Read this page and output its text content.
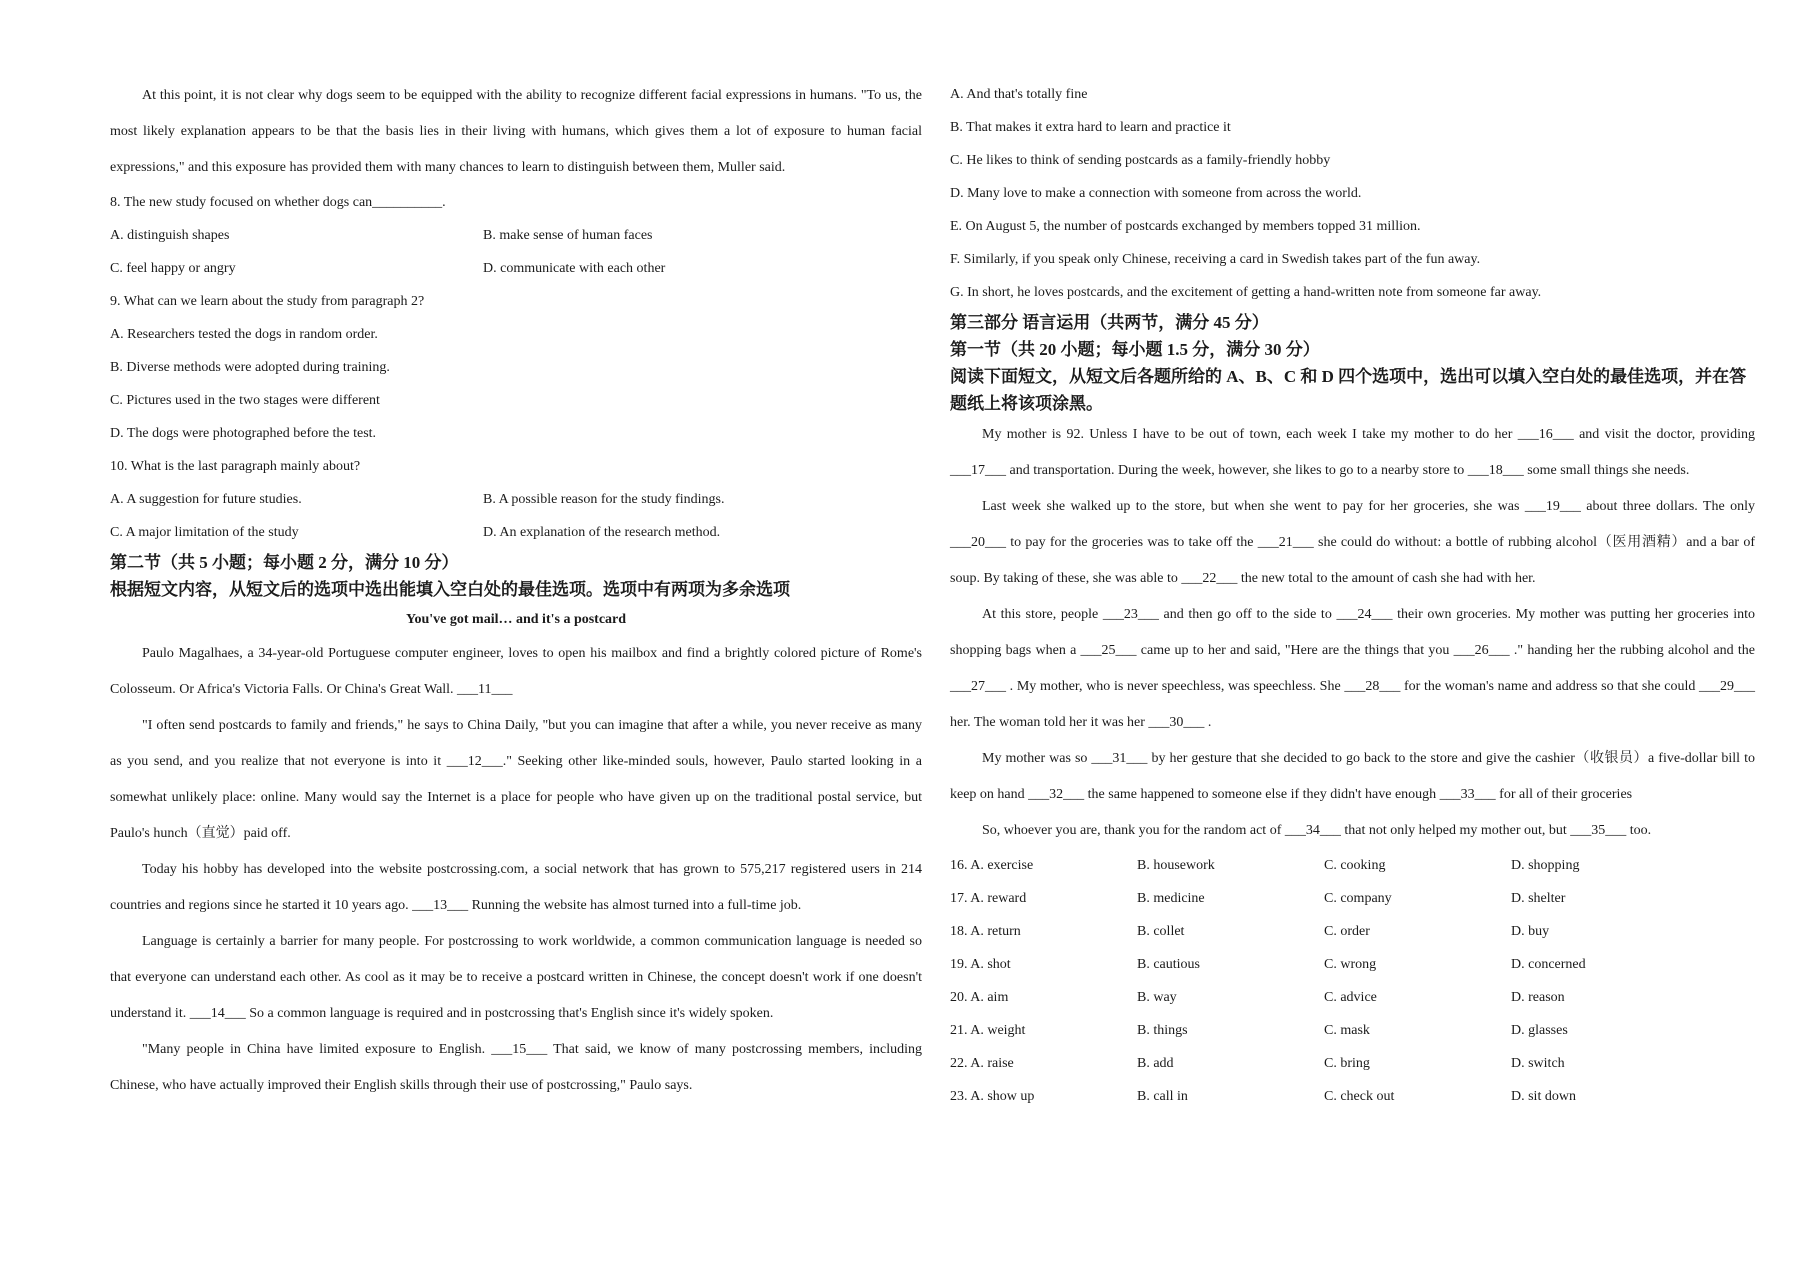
At this point, it is not clear why dogs seem to be equipped with the ability to recognize different facial expressions in humans. "To us, the most likely explanation appears to be that the basis lies in their living with humans, which gives them a lot of exposure to human facial expressions," and this exposure has provided them with many chances to learn to distinguish between them, Muller said.

8. The new study focused on whether dogs can__________.

A. distinguish shapes	B. make sense of human faces
C. feel happy or angry	D. communicate with each other

9. What can we learn about the study from paragraph 2?

A. Researchers tested the dogs in random order.

B. Diverse methods were adopted during training.

C. Pictures used in the two stages were different

D. The dogs were photographed before the test.

10. What is the last paragraph mainly about?

A. A suggestion for future studies.	B. A possible reason for the study findings.
C. A major limitation of the study	D. An explanation of the research method.

第二节（共 5 小题；每小题 2 分，满分 10 分）

根据短文内容，从短文后的选项中选出能填入空白处的最佳选项。选项中有两项为多余选项

You've got mail… and it's a postcard

Paulo Magalhaes, a 34-year-old Portuguese computer engineer, loves to open his mailbox and find a brightly colored picture of Rome's Colosseum. Or Africa's Victoria Falls. Or China's Great Wall. ___11___

"I often send postcards to family and friends," he says to China Daily, "but you can imagine that after a while, you never receive as many as you send, and you realize that not everyone is into it ___12___." Seeking other like-minded souls, however, Paulo started looking in a somewhat unlikely place: online. Many would say the Internet is a place for people who have given up on the traditional postal service, but Paulo's hunch（直觉）paid off.

Today his hobby has developed into the website postcrossing.com, a social network that has grown to 575,217 registered users in 214 countries and regions since he started it 10 years ago. ___13___ Running the website has almost turned into a full-time job.

Language is certainly a barrier for many people. For postcrossing to work worldwide, a common communication language is needed so that everyone can understand each other. As cool as it may be to receive a postcard written in Chinese, the concept doesn't work if one doesn't understand it. ___14___ So a common language is required and in postcrossing that's English since it's widely spoken.

"Many people in China have limited exposure to English. ___15___ That said, we know of many postcrossing members, including Chinese, who have actually improved their English skills through their use of postcrossing," Paulo says.

A. And that's totally fine

B. That makes it extra hard to learn and practice it

C. He likes to think of sending postcards as a family-friendly hobby

D. Many love to make a connection with someone from across the world.

E. On August 5, the number of postcards exchanged by members topped 31 million.

F. Similarly, if you speak only Chinese, receiving a card in Swedish takes part of the fun away.

G. In short, he loves postcards, and the excitement of getting a hand-written note from someone far away.

第三部分 语言运用（共两节，满分 45 分）

第一节（共 20 小题；每小题 1.5 分，满分 30 分）

阅读下面短文，从短文后各题所给的 A、B、C 和 D 四个选项中，选出可以填入空白处的最佳选项，并在答题纸上将该项涂黑。

My mother is 92. Unless I have to be out of town, each week I take my mother to do her ___16___ and visit the doctor, providing ___17___ and transportation. During the week, however, she likes to go to a nearby store to ___18___ some small things she needs.

Last week she walked up to the store, but when she went to pay for her groceries, she was ___19___ about three dollars. The only ___20___ to pay for the groceries was to take off the ___21___ she could do without: a bottle of rubbing alcohol（医用酒精）and a bar of soup. By taking of these, she was able to ___22___ the new total to the amount of cash she had with her.

At this store, people ___23___ and then go off to the side to ___24___ their own groceries. My mother was putting her groceries into shopping bags when a ___25___ came up to her and said, "Here are the things that you ___26___ ." handing her the rubbing alcohol and the ___27___ . My mother, who is never speechless, was speechless. She ___28___ for the woman's name and address so that she could ___29___ her. The woman told her it was her ___30___ .

My mother was so ___31___ by her gesture that she decided to go back to the store and give the cashier（收银员）a five-dollar bill to keep on hand ___32___ the same happened to someone else if they didn't have enough ___33___ for all of their groceries

So, whoever you are, thank you for the random act of ___34___ that not only helped my mother out, but ___35___ too.

16. A. exercise	B. housework	C. cooking	D. shopping
17. A. reward	B. medicine	C. company	D. shelter
18. A. return	B. collet	C. order	D. buy
19. A. shot	B. cautious	C. wrong	D. concerned
20. A. aim	B. way	C. advice	D. reason
21. A. weight	B. things	C. mask	D. glasses
22. A. raise	B. add	C. bring	D. switch
23. A. show up	B. call in	C. check out	D. sit down
